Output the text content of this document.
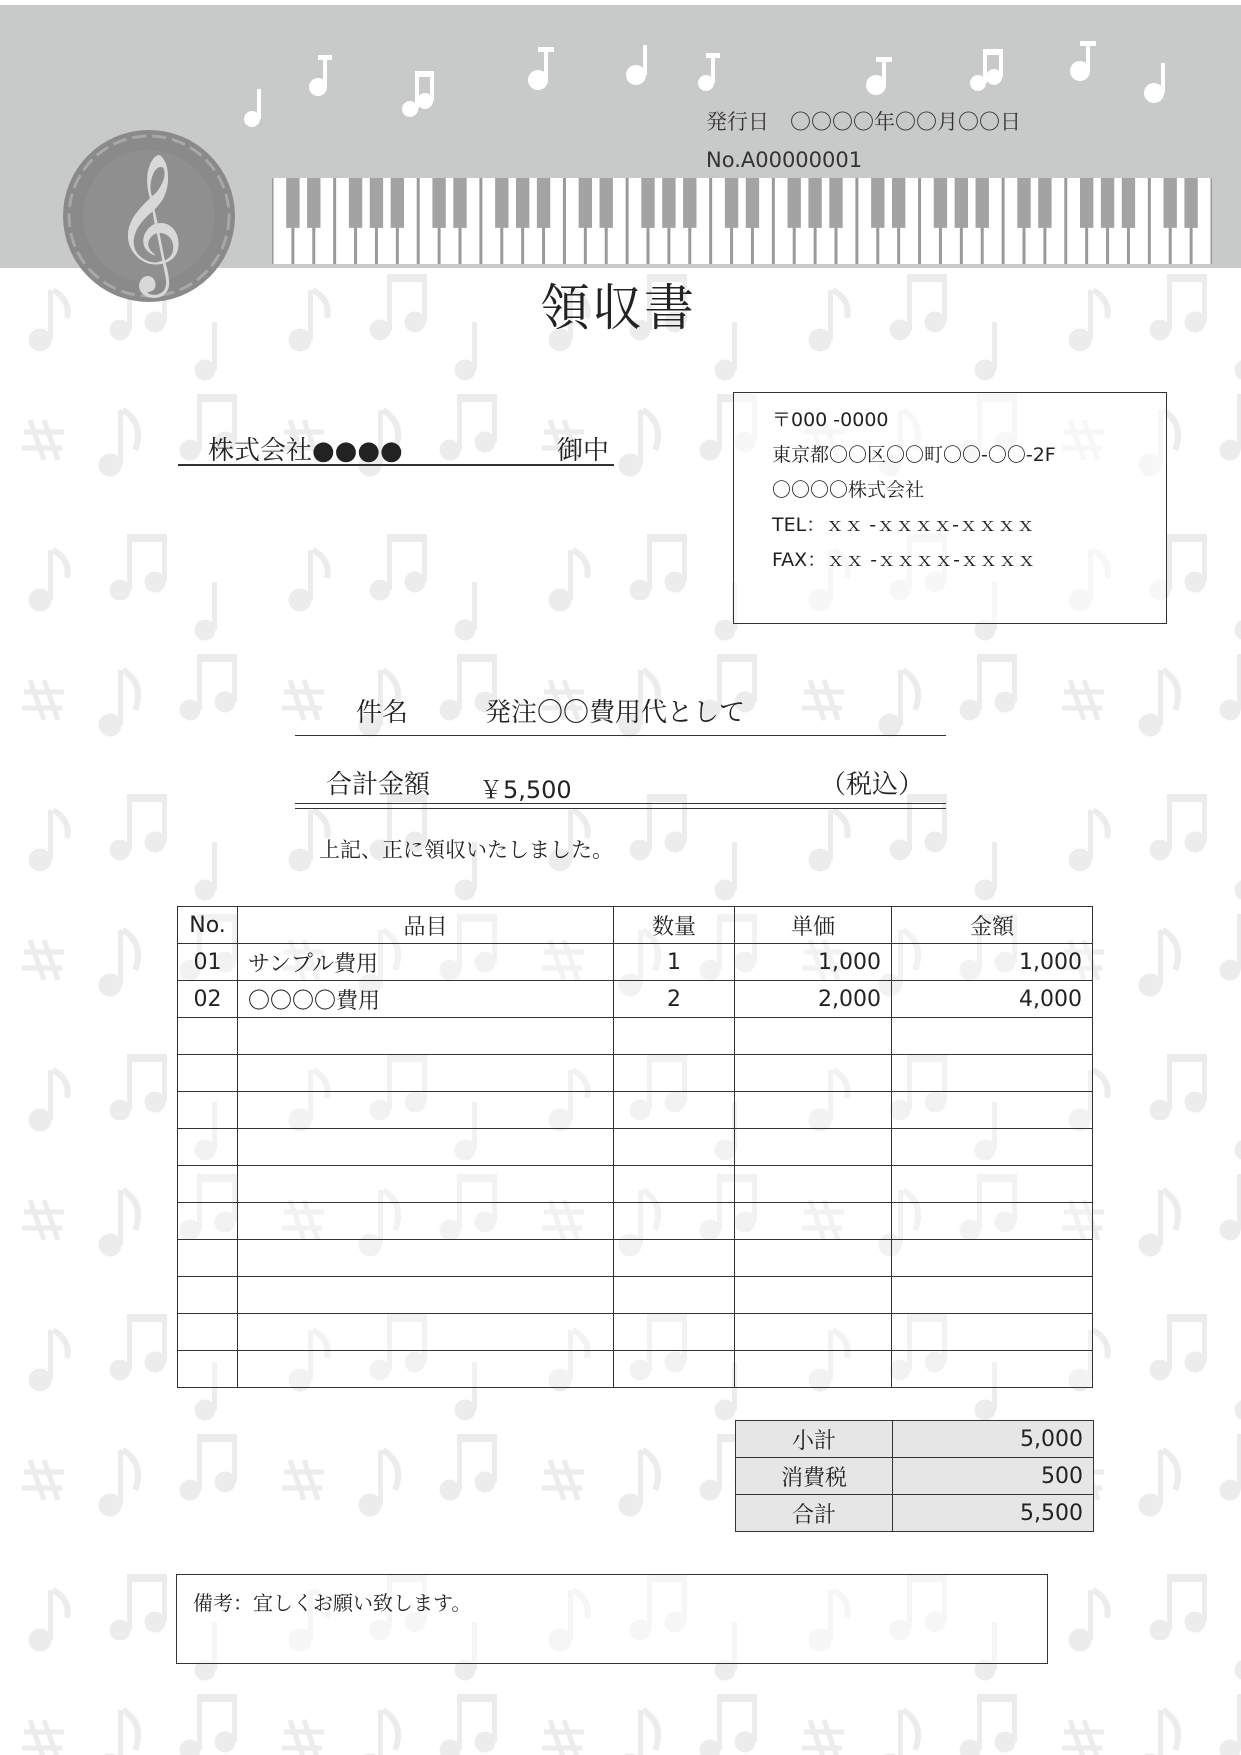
𝄞
発行日　〇〇〇〇年〇〇月〇〇日
No.A00000001
領収書
株式会社●●●●	御中
〒000 -0000
東京都〇〇区〇〇町〇〇-〇〇-2F
〇〇〇〇株式会社
TEL：ｘｘ -ｘｘｘｘ-ｘｘｘｘ
FAX：ｘｘ -ｘｘｘｘ-ｘｘｘｘ
件名	発注〇〇費用代として
合計金額 ￥5,500	（税込）
上記、正に領収いたしました。
No.	品目	数量	単価	金額
01	サンプル費用	1	1,000	1,000
02	〇〇〇〇費用	2	2,000	4,000

小計	5,000
消費税	500
合計	5,500
備考：宜しくお願い致します。
